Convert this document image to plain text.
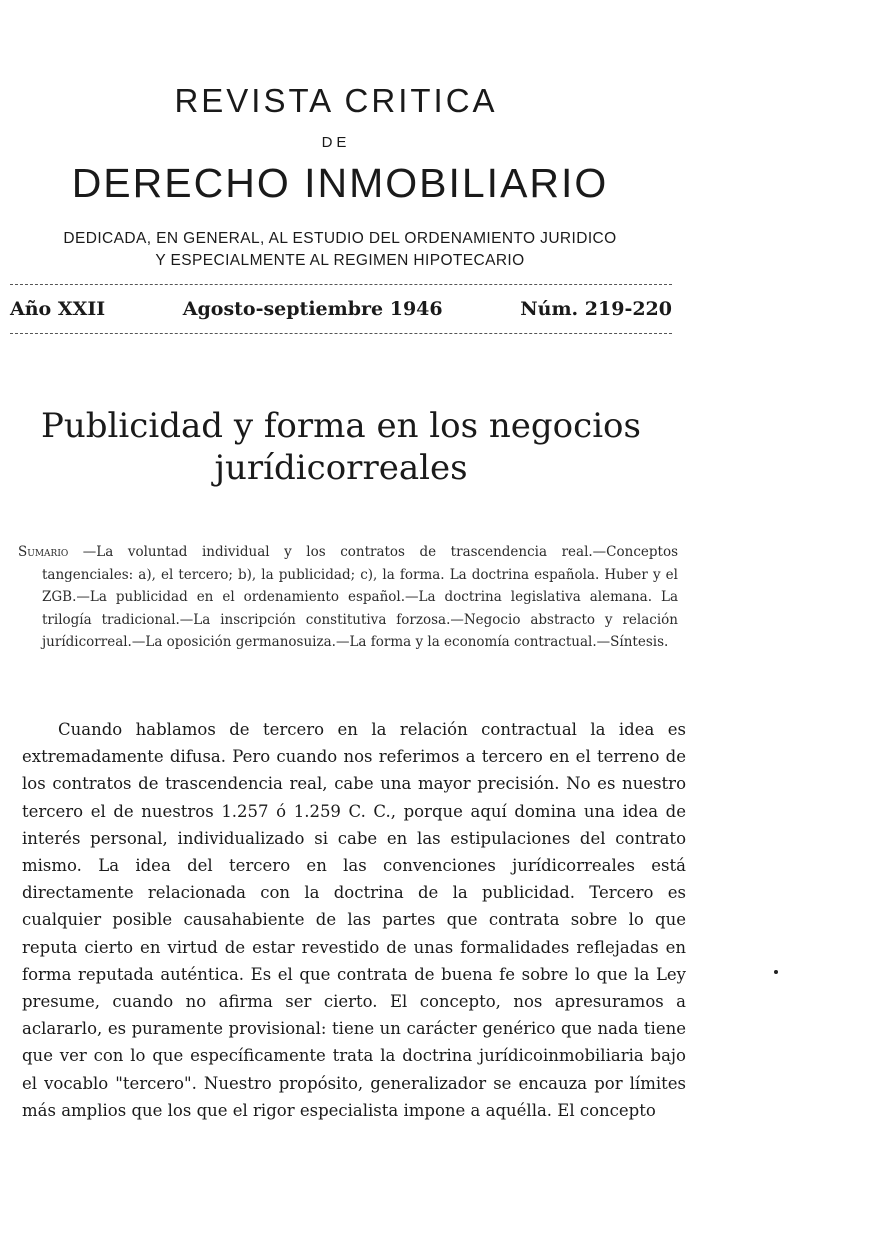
REVISTA CRITICA
DE
DERECHO INMOBILIARIO
DEDICADA, EN GENERAL, AL ESTUDIO DEL ORDENAMIENTO JURIDICO
Y ESPECIALMENTE AL REGIMEN HIPOTECARIO
Año XXII	Agosto-septiembre 1946	Núm. 219-220
Publicidad y forma en los negocios
jurídicorreales
Sumario —La voluntad individual y los contratos de trascendencia real.—Conceptos tangenciales: a), el tercero; b), la publicidad; c), la forma. La doctrina española. Huber y el ZGB.—La publicidad en el ordenamiento español.—La doctrina legislativa alemana. La trilogía tradicional.—La inscripción constitutiva forzosa.—Negocio abstracto y relación jurídicorreal.—La oposición germanosuiza.—La forma y la economía contractual.—Síntesis.
Cuando hablamos de tercero en la relación contractual la idea es extremadamente difusa. Pero cuando nos referimos a tercero en el terreno de los contratos de trascendencia real, cabe una mayor precisión. No es nuestro tercero el de nuestros 1.257 ó 1.259 C. C., porque aquí domina una idea de interés personal, individualizado si cabe en las estipulaciones del contrato mismo. La idea del tercero en las convenciones jurídicorreales está directamente relacionada con la doctrina de la publicidad. Tercero es cualquier posible causahabiente de las partes que contrata sobre lo que reputa cierto en virtud de estar revestido de unas formalidades reflejadas en forma reputada auténtica. Es el que contrata de buena fe sobre lo que la Ley presume, cuando no afirma ser cierto. El concepto, nos apresuramos a aclararlo, es puramente provisional: tiene un carácter genérico que nada tiene que ver con lo que específicamente trata la doctrina jurídicoinmobiliaria bajo el vocablo "tercero". Nuestro propósito, generalizador se encauza por límites más amplios que los que el rigor especialista impone a aquélla. El concepto
